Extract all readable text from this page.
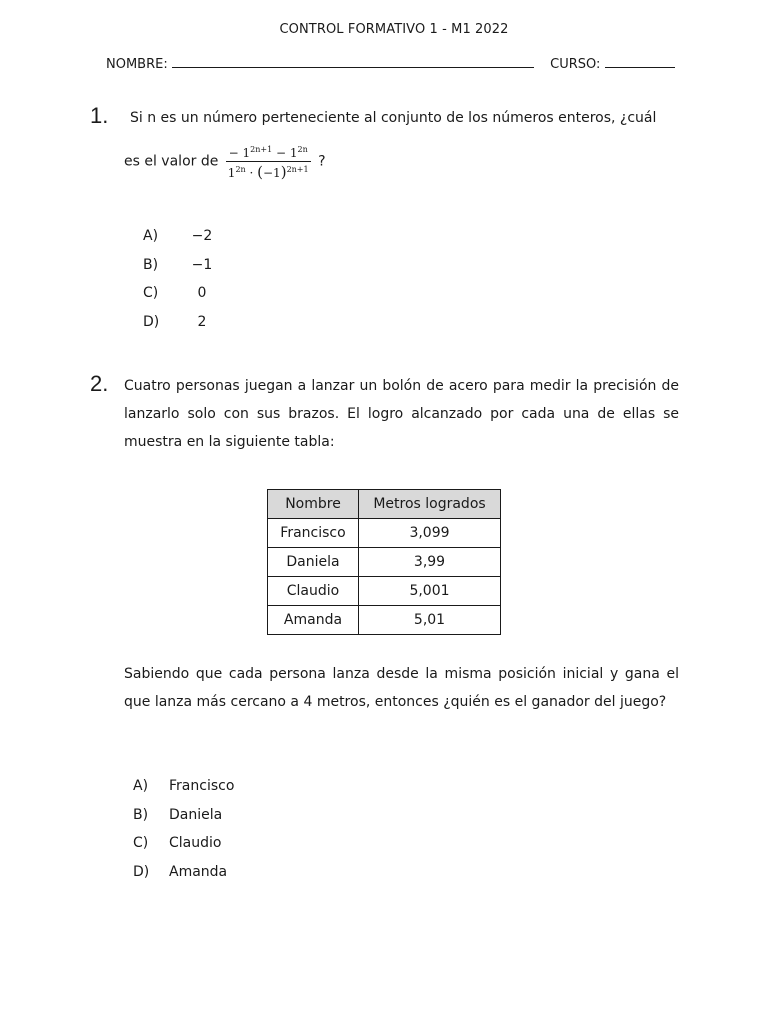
CONTROL FORMATIVO 1 - M1 2022
NOMBRE:	CURSO:
1. Si n es un número perteneciente al conjunto de los números enteros, ¿cuál
es el valor de $\frac{- 1^{2n+1} - 1^{2n}}{1^{2n} \cdot (-1)^{2n+1}}$ ?
A)	−2
B)	−1
C)	0
D)	2
2. Cuatro personas juegan a lanzar un bolón de acero para medir la precisión de lanzarlo solo con sus brazos. El logro alcanzado por cada una de ellas se muestra en la siguiente tabla:
Nombre	Metros logrados
Francisco	3,099
Daniela	3,99
Claudio	5,001
Amanda	5,01
Sabiendo que cada persona lanza desde la misma posición inicial y gana el que lanza más cercano a 4 metros, entonces ¿quién es el ganador del juego?
A)	Francisco
B)	Daniela
C)	Claudio
D)	Amanda
